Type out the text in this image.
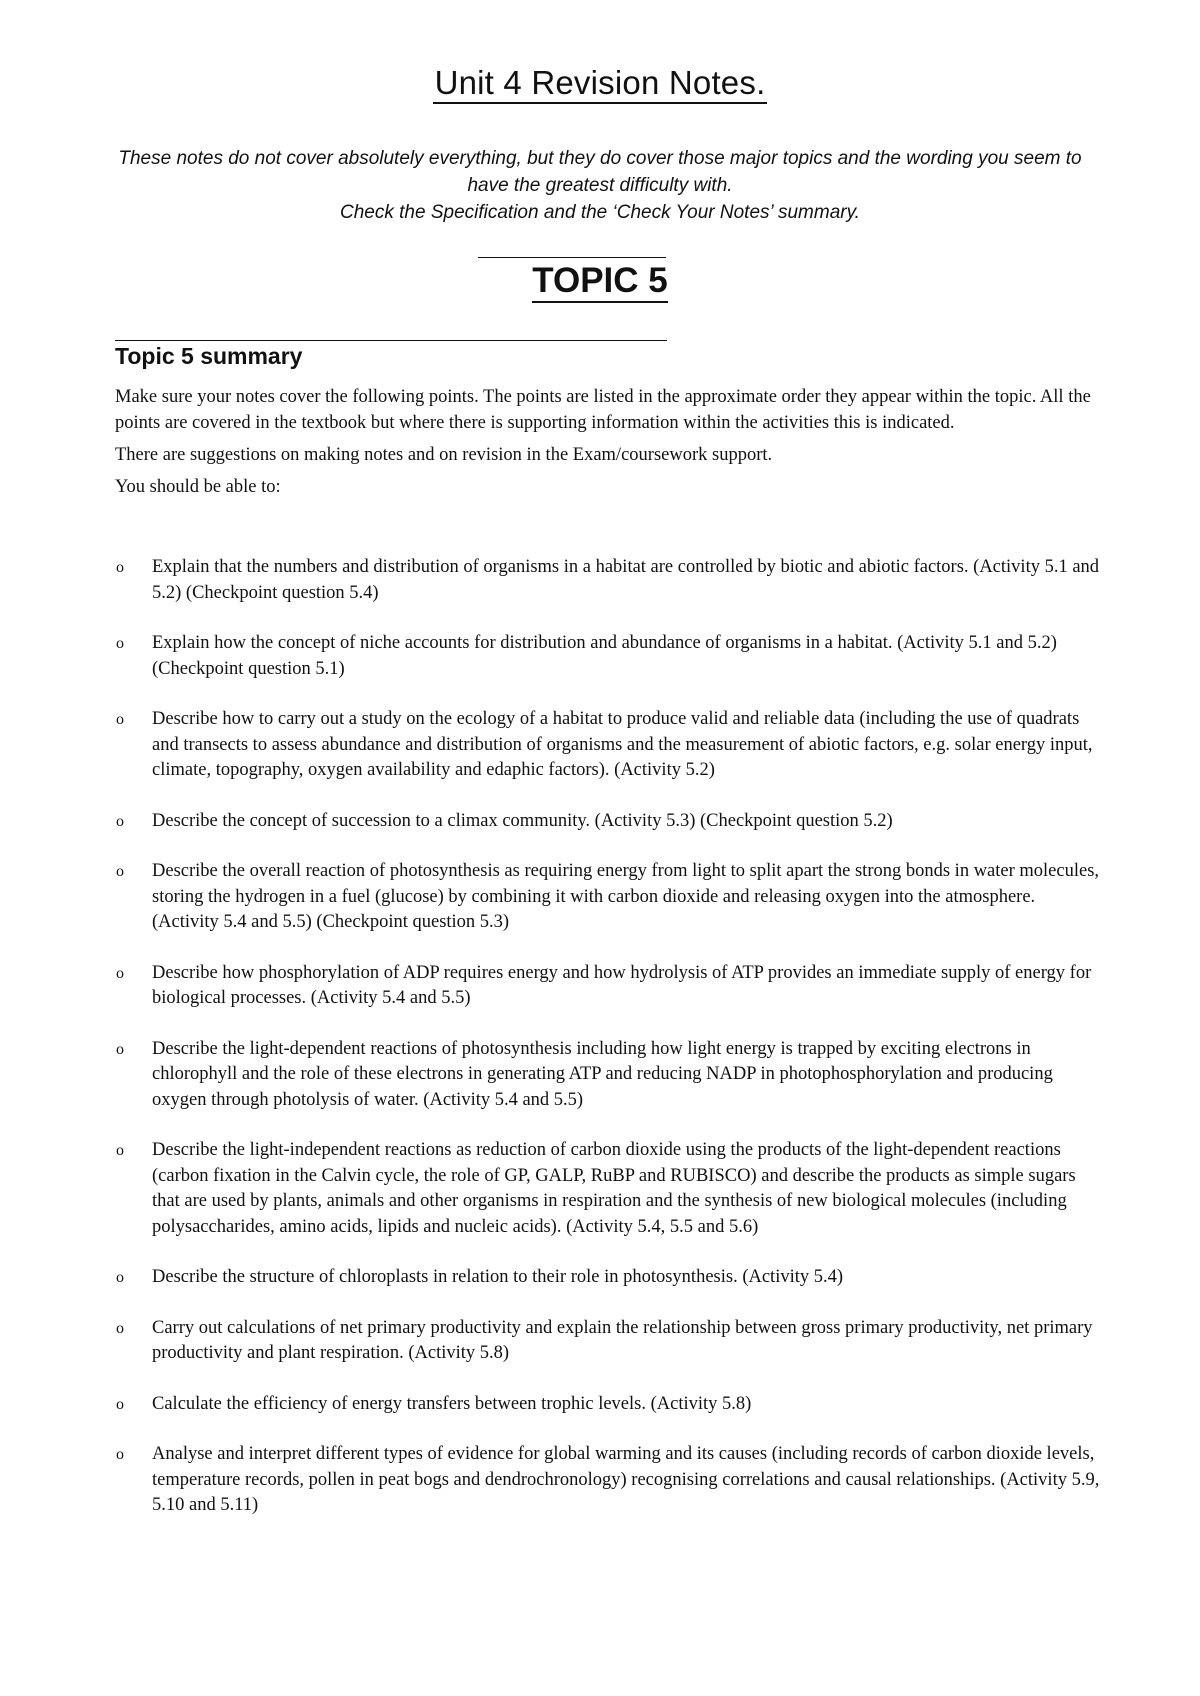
Unit 4 Revision Notes.

These notes do not cover absolutely everything, but they do cover those major topics and the wording you seem to have the greatest difficulty with.

Check the Specification and the ‘Check Your Notes’ summary.

TOPIC 5
Topic 5 summary

Make sure your notes cover the following points. The points are listed in the approximate order they appear within the topic. All the points are covered in the textbook but where there is supporting information within the activities this is indicated.

There are suggestions on making notes and on revision in the Exam/coursework support.

You should be able to:

o Explain that the numbers and distribution of organisms in a habitat are controlled by biotic and abiotic factors. (Activity 5.1 and 5.2) (Checkpoint question 5.4)
o Explain how the concept of niche accounts for distribution and abundance of organisms in a habitat. (Activity 5.1 and 5.2) (Checkpoint question 5.1)
o Describe how to carry out a study on the ecology of a habitat to produce valid and reliable data (including the use of quadrats and transects to assess abundance and distribution of organisms and the measurement of abiotic factors, e.g. solar energy input, climate, topography, oxygen availability and edaphic factors). (Activity 5.2)
o Describe the concept of succession to a climax community. (Activity 5.3) (Checkpoint question 5.2)
o Describe the overall reaction of photosynthesis as requiring energy from light to split apart the strong bonds in water molecules, storing the hydrogen in a fuel (glucose) by combining it with carbon dioxide and releasing oxygen into the atmosphere. (Activity 5.4 and 5.5) (Checkpoint question 5.3)
o Describe how phosphorylation of ADP requires energy and how hydrolysis of ATP provides an immediate supply of energy for biological processes. (Activity 5.4 and 5.5)
o Describe the light-dependent reactions of photosynthesis including how light energy is trapped by exciting electrons in chlorophyll and the role of these electrons in generating ATP and reducing NADP in photophosphorylation and producing oxygen through photolysis of water. (Activity 5.4 and 5.5)
o Describe the light-independent reactions as reduction of carbon dioxide using the products of the light-dependent reactions (carbon fixation in the Calvin cycle, the role of GP, GALP, RuBP and RUBISCO) and describe the products as simple sugars that are used by plants, animals and other organisms in respiration and the synthesis of new biological molecules (including polysaccharides, amino acids, lipids and nucleic acids). (Activity 5.4, 5.5 and 5.6)
o Describe the structure of chloroplasts in relation to their role in photosynthesis. (Activity 5.4)
o Carry out calculations of net primary productivity and explain the relationship between gross primary productivity, net primary productivity and plant respiration. (Activity 5.8)
o Calculate the efficiency of energy transfers between trophic levels. (Activity 5.8)
o Analyse and interpret different types of evidence for global warming and its causes (including records of carbon dioxide levels, temperature records, pollen in peat bogs and dendrochronology) recognising correlations and causal relationships. (Activity 5.9, 5.10 and 5.11)
